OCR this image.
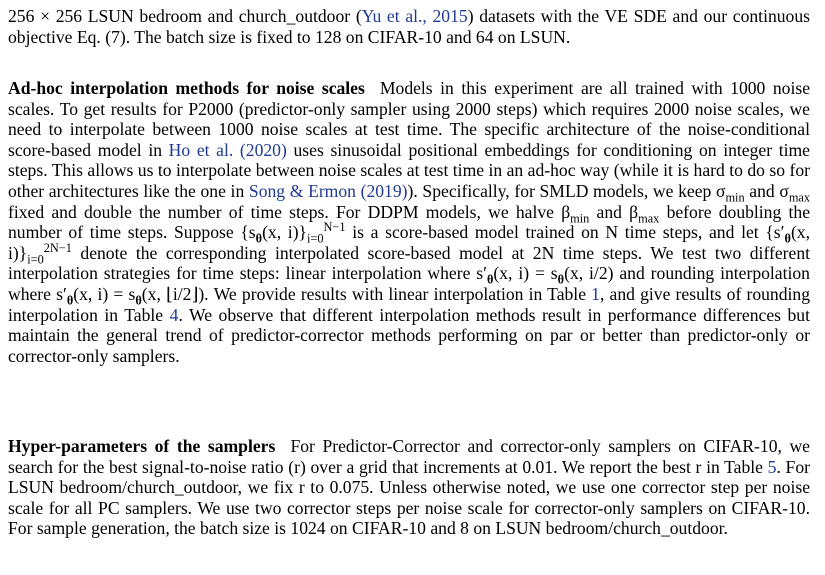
256 × 256 LSUN bedroom and church_outdoor (Yu et al., 2015) datasets with the VE SDE and our continuous objective Eq. (7). The batch size is fixed to 128 on CIFAR-10 and 64 on LSUN.

Ad-hoc interpolation methods for noise scales Models in this experiment are all trained with 1000 noise scales. To get results for P2000 (predictor-only sampler using 2000 steps) which requires 2000 noise scales, we need to interpolate between 1000 noise scales at test time. The specific architecture of the noise-conditional score-based model in Ho et al. (2020) uses sinusoidal positional embeddings for conditioning on integer time steps. This allows us to interpolate between noise scales at test time in an ad-hoc way (while it is hard to do so for other architectures like the one in Song & Ermon (2019)). Specifically, for SMLD models, we keep $\sigma_{min}$ and $\sigma_{max}$ fixed and double the number of time steps. For DDPM models, we halve $\beta_{min}$ and $\beta_{max}$ before doubling the number of time steps. Suppose {$s_\theta(x$, $i)\}_{i=0}^{N-1}$ is a score-based model trained on N time steps, and let {$s'_\theta(x$, $i)\}_{i=0}^{2N-1}$ denote the corresponding interpolated score-based model at 2N time steps. We test two different interpolation strategies for time steps: linear interpolation where $s'_\theta(x$, $i) = s_\theta(x$, i/2) and rounding interpolation where $s'_\theta(x$, $i) = s_\theta(x$, ⌊i/2⌋). We provide results with linear interpolation in Table 1, and give results of rounding interpolation in Table 4. We observe that different interpolation methods result in performance differences but maintain the general trend of predictor-corrector methods performing on par or better than predictor-only or corrector-only samplers.

Hyper-parameters of the samplers For Predictor-Corrector and corrector-only samplers on CIFAR-10, we search for the best signal-to-noise ratio (r) over a grid that increments at 0.01. We report the best r in Table 5. For LSUN bedroom/church_outdoor, we fix r to 0.075. Unless otherwise noted, we use one corrector step per noise scale for all PC samplers. We use two corrector steps per noise scale for corrector-only samplers on CIFAR-10. For sample generation, the batch size is 1024 on CIFAR-10 and 8 on LSUN bedroom/church_outdoor.
